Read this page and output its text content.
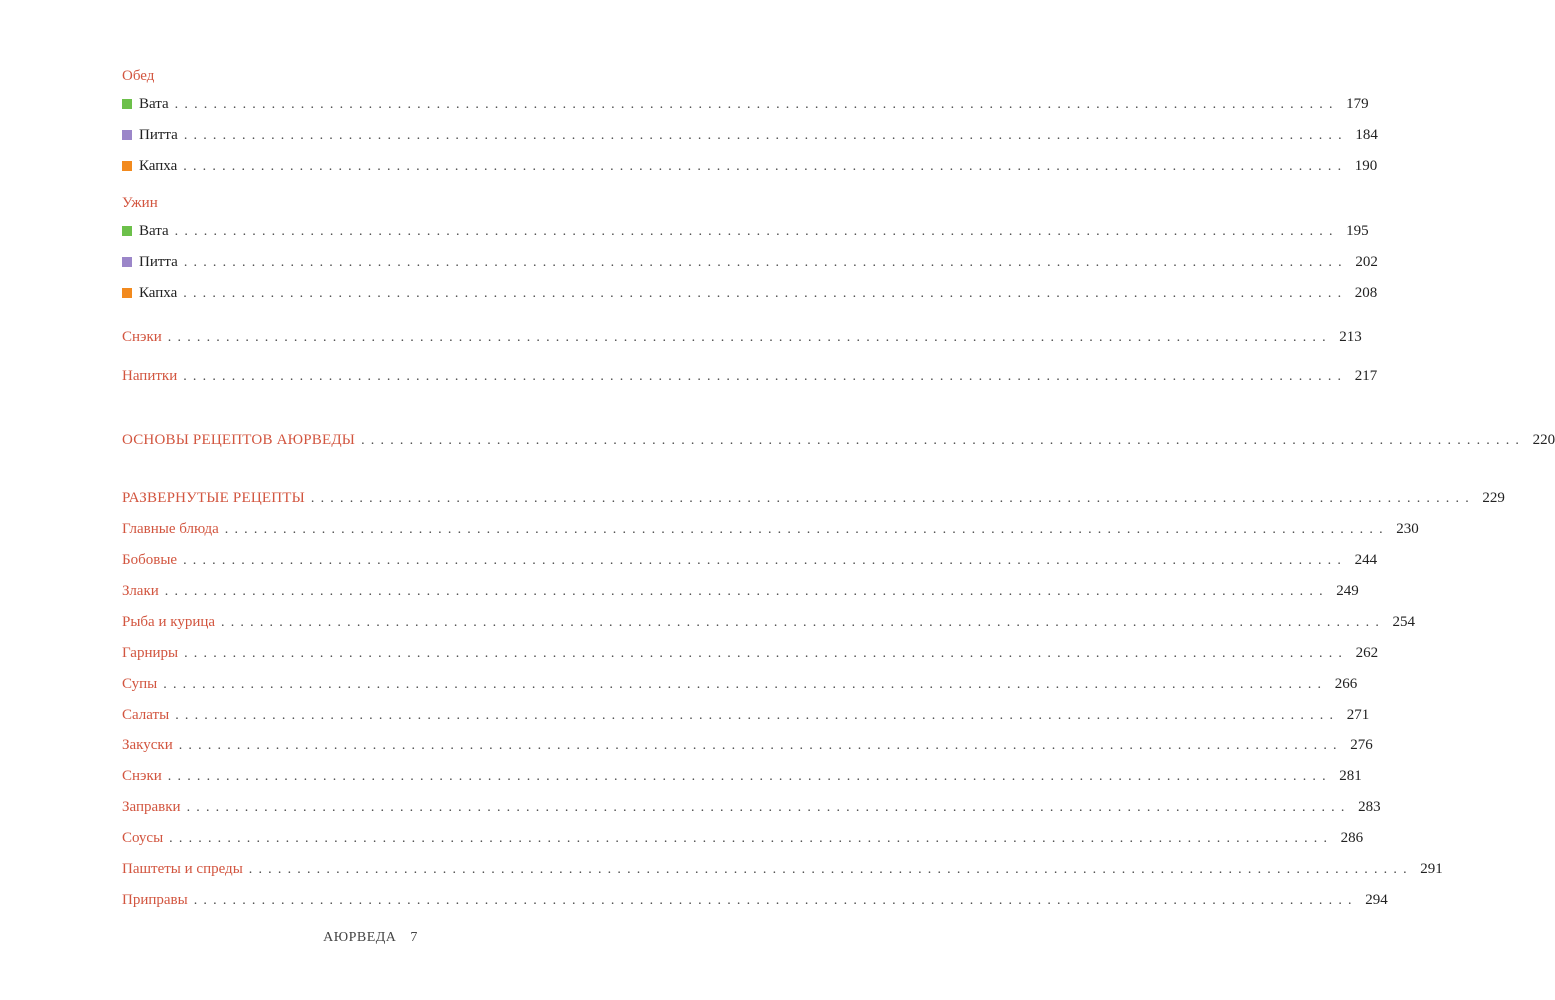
Обед
Вата ........................................................................................................................ 179
Питта ........................................................................................................................ 184
Капха ........................................................................................................................ 190
Ужин
Вата ........................................................................................................................ 195
Питта ........................................................................................................................ 202
Капха ........................................................................................................................ 208
Снэки ........................................................................................................................ 213
Напитки ........................................................................................................................ 217
ОСНОВЫ РЕЦЕПТОВ АЮРВЕДЫ ........................................................................................................................ 220
РАЗВЕРНУТЫЕ РЕЦЕПТЫ ........................................................................................................................ 229
Главные блюда ........................................................................................................................ 230
Бобовые ........................................................................................................................ 244
Злаки ........................................................................................................................ 249
Рыба и курица ........................................................................................................................ 254
Гарниры ........................................................................................................................ 262
Супы ........................................................................................................................ 266
Салаты ........................................................................................................................ 271
Закуски ........................................................................................................................ 276
Снэки ........................................................................................................................ 281
Заправки ........................................................................................................................ 283
Соусы ........................................................................................................................ 286
Паштеты и спреды ........................................................................................................................ 291
Приправы ........................................................................................................................ 294
АЮРВЕДА 7
